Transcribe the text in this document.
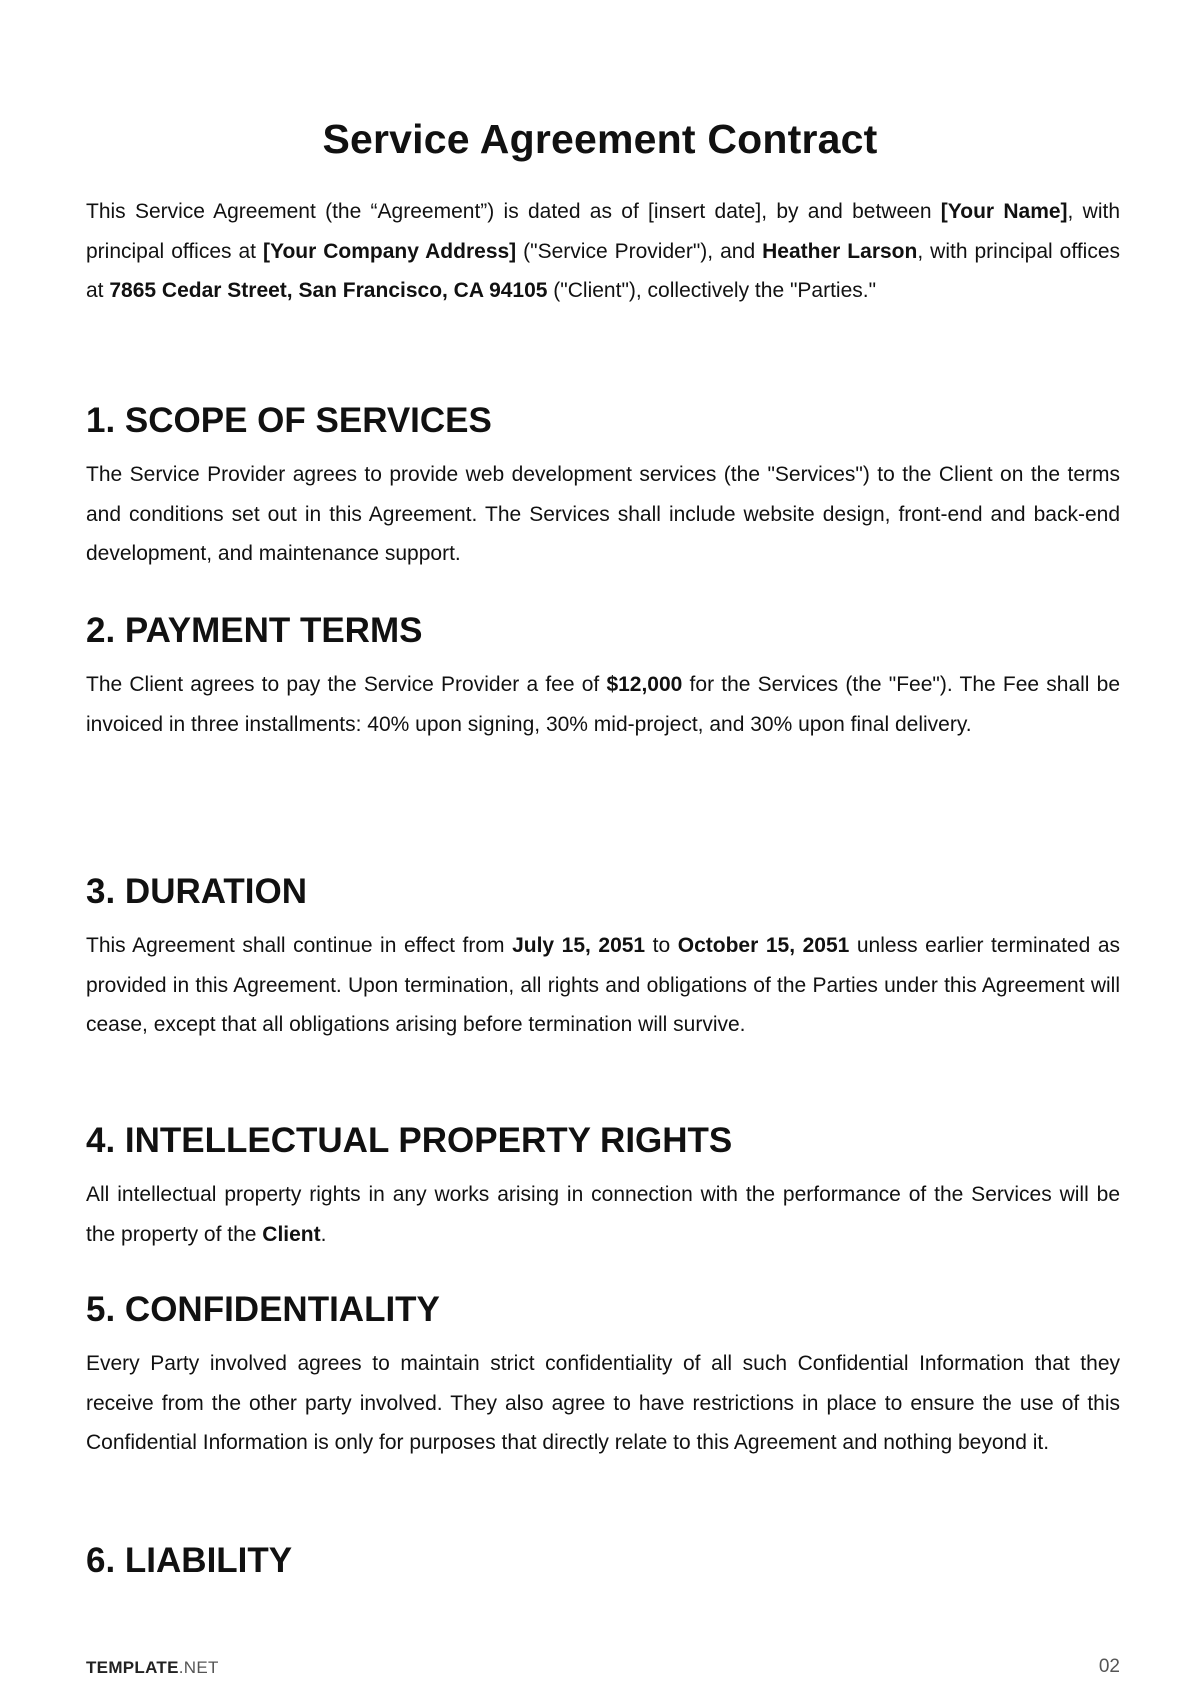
Service Agreement Contract

This Service Agreement (the “Agreement”) is dated as of [insert date], by and between [Your Name], with principal offices at [Your Company Address] ("Service Provider"), and Heather Larson, with principal offices at 7865 Cedar Street, San Francisco, CA 94105 ("Client"), collectively the "Parties."

1. SCOPE OF SERVICES

The Service Provider agrees to provide web development services (the "Services") to the Client on the terms and conditions set out in this Agreement. The Services shall include website design, front-end and back-end development, and maintenance support.

2. PAYMENT TERMS

The Client agrees to pay the Service Provider a fee of $12,000 for the Services (the "Fee"). The Fee shall be invoiced in three installments: 40% upon signing, 30% mid-project, and 30% upon final delivery.

3. DURATION

This Agreement shall continue in effect from July 15, 2051 to October 15, 2051 unless earlier terminated as provided in this Agreement. Upon termination, all rights and obligations of the Parties under this Agreement will cease, except that all obligations arising before termination will survive.

4. INTELLECTUAL PROPERTY RIGHTS

All intellectual property rights in any works arising in connection with the performance of the Services will be the property of the Client.

5. CONFIDENTIALITY

Every Party involved agrees to maintain strict confidentiality of all such Confidential Information that they receive from the other party involved. They also agree to have restrictions in place to ensure the use of this Confidential Information is only for purposes that directly relate to this Agreement and nothing beyond it.

6. LIABILITY
TEMPLATE.NET	02
